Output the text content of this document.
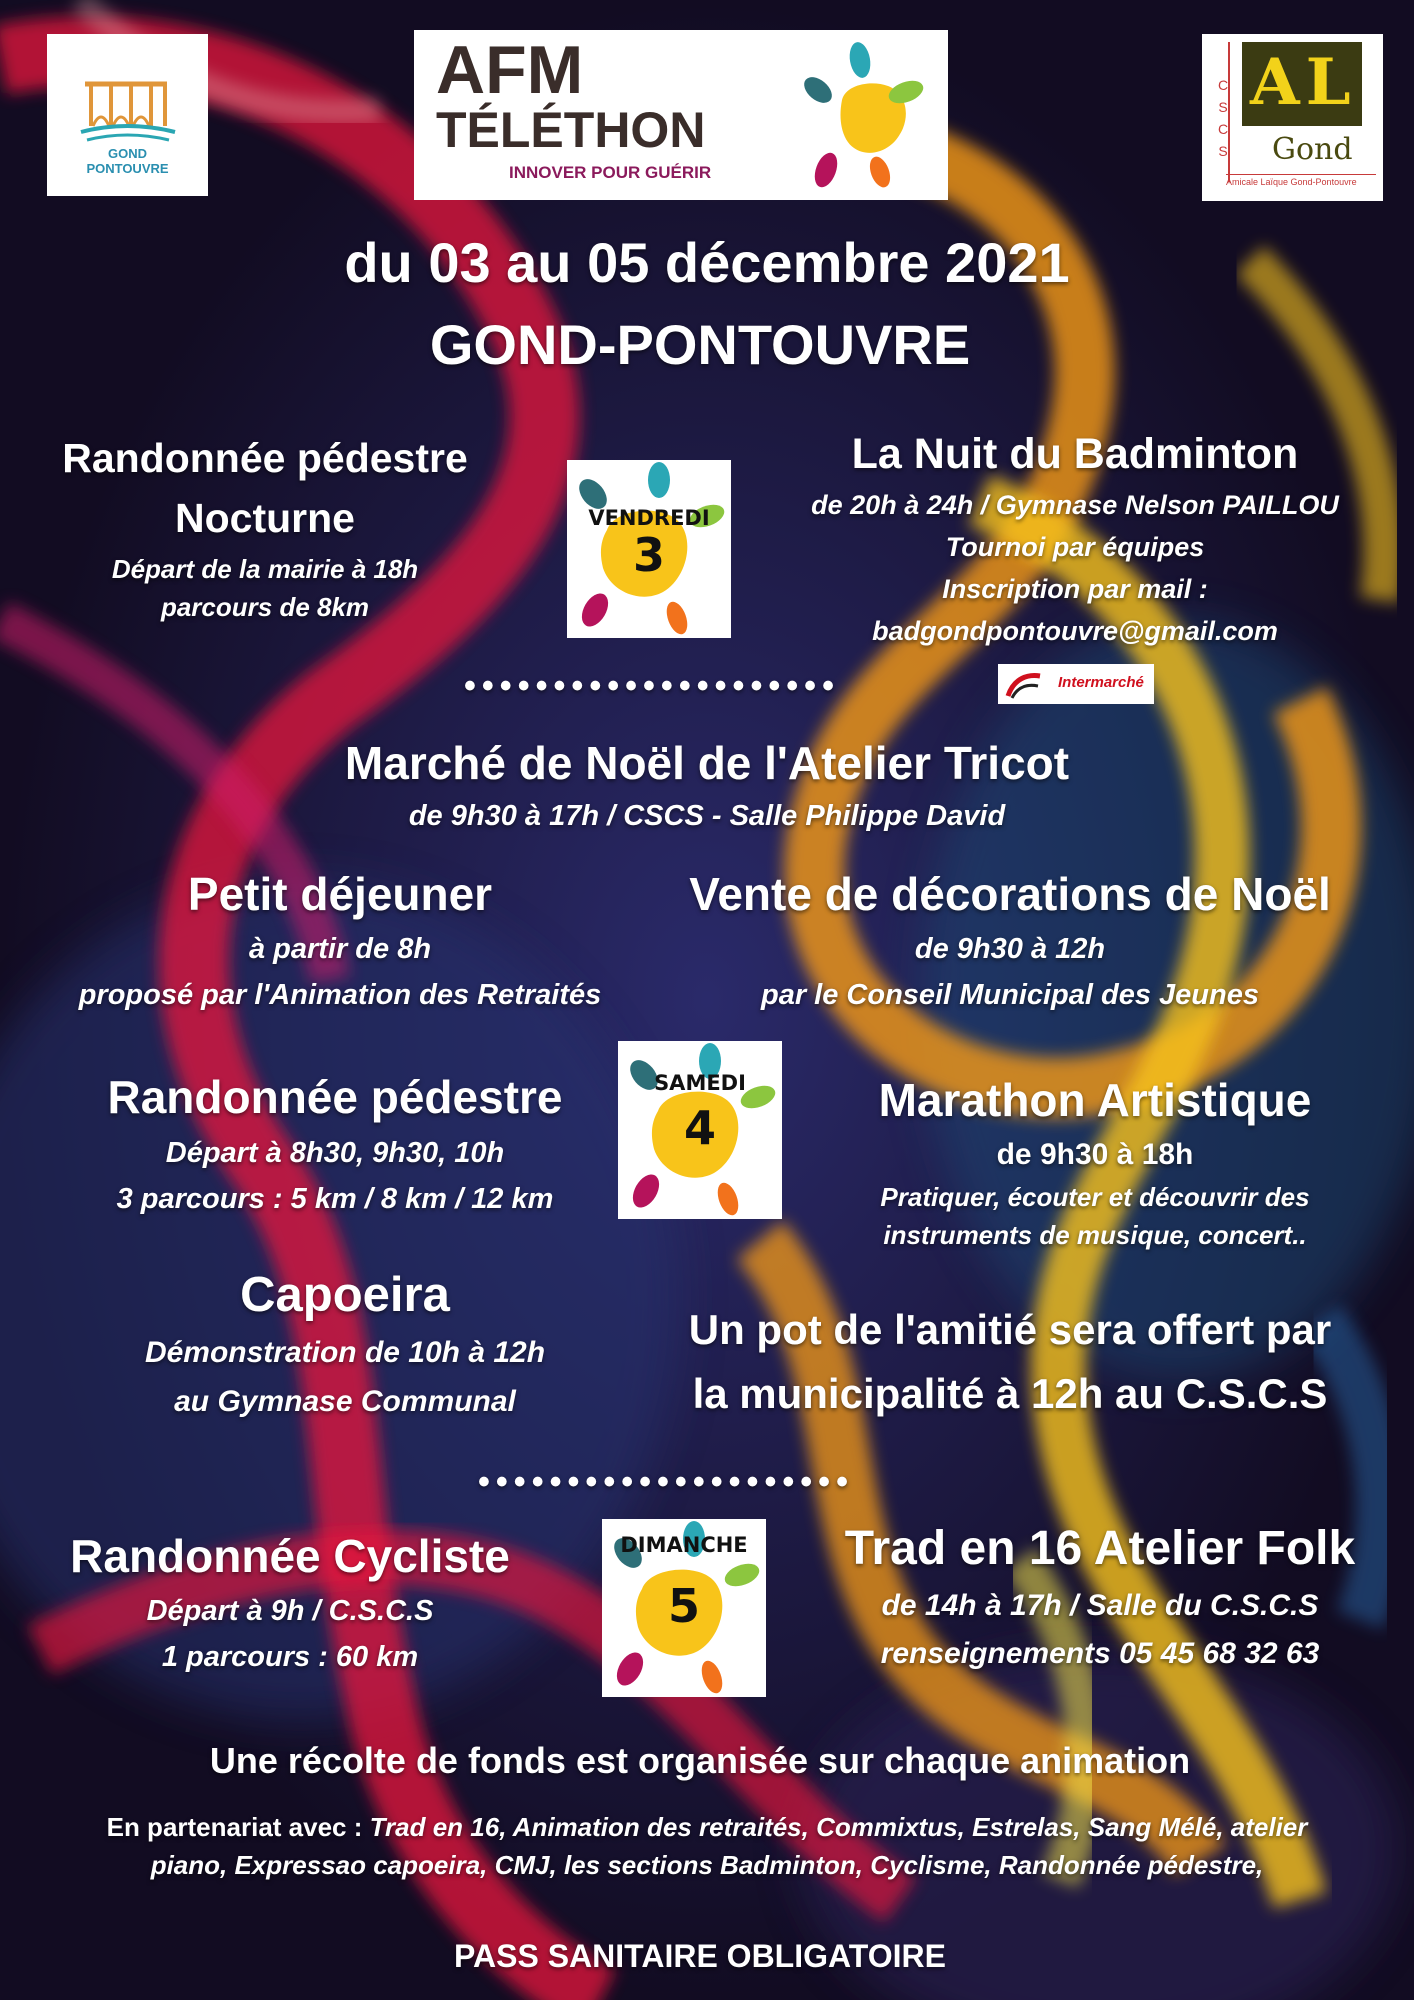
GOND
PONTOUVRE
AFM
TÉLÉTHON
INNOVER POUR GUÉRIR
CSCS
AL
Gond
Amicale Laïque Gond-Pontouvre
du 03 au 05 décembre 2021
GOND-PONTOUVRE
Randonnée pédestre
Nocturne
Départ de la mairie à 18h
parcours de 8km
VENDREDI
3
La Nuit du Badminton
de 20h à 24h / Gymnase Nelson PAILLOU
Tournoi par équipes
Inscription par mail :
badgondpontouvre@gmail.com
Intermarché
•••••••••••••••••••••
Marché de Noël de l'Atelier Tricot
de 9h30 à 17h / CSCS - Salle Philippe David
Petit déjeuner
à partir de 8h
proposé par l'Animation des Retraités
Vente de décorations de Noël
de 9h30 à 12h
par le Conseil Municipal des Jeunes
Randonnée pédestre
Départ à 8h30, 9h30, 10h
3 parcours : 5 km / 8 km / 12 km
SAMEDI
4
Marathon Artistique
de 9h30 à 18h
Pratiquer, écouter et découvrir des
instruments de musique, concert..
Capoeira
Démonstration de 10h à 12h
au Gymnase Communal
Un pot de l'amitié sera offert par
la municipalité à 12h au C.S.C.S
•••••••••••••••••••••
Randonnée Cycliste
Départ à 9h / C.S.C.S
1 parcours : 60 km
DIMANCHE
5
Trad en 16 Atelier Folk
de 14h à 17h / Salle du C.S.C.S
renseignements 05 45 68 32 63
Une récolte de fonds est organisée sur chaque animation
En partenariat avec : Trad en 16, Animation des retraités, Commixtus, Estrelas, Sang Mélé, atelier
piano, Expressao capoeira, CMJ, les sections Badminton, Cyclisme, Randonnée pédestre,
PASS SANITAIRE OBLIGATOIRE
